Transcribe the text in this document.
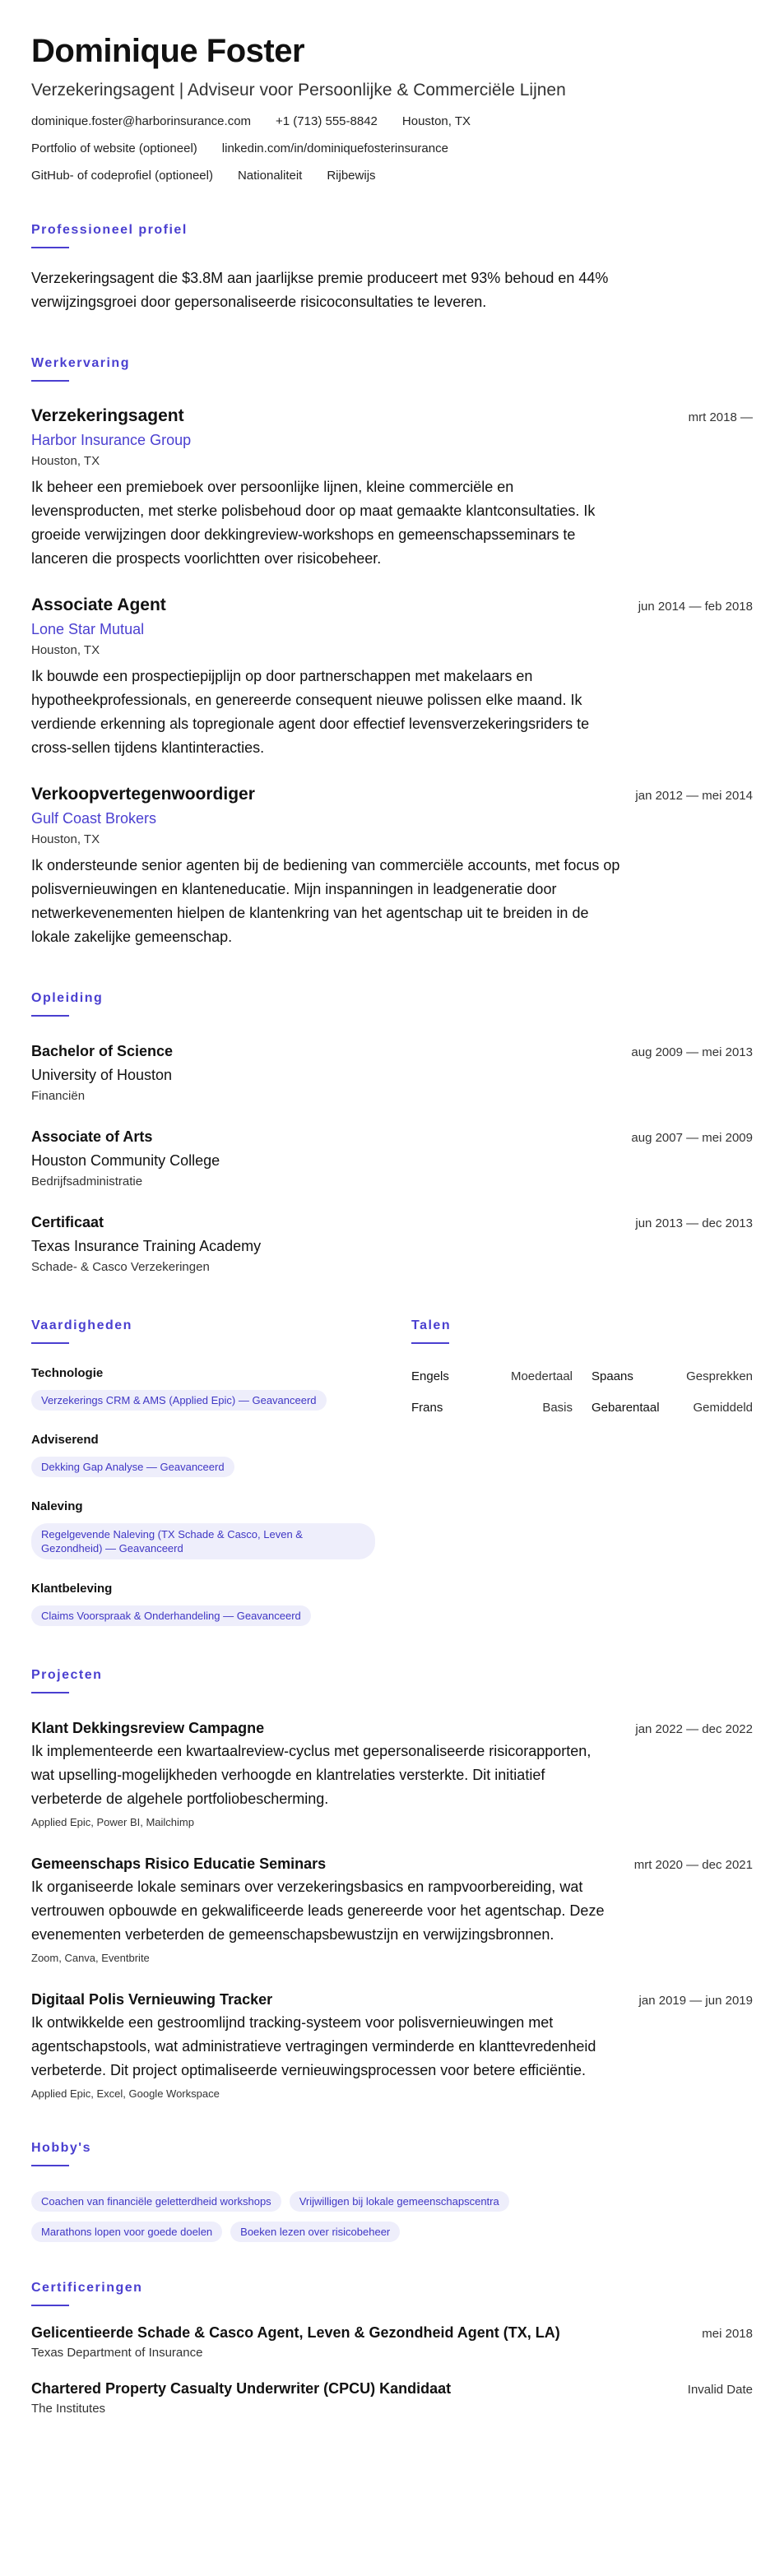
Dominique Foster
Verzekeringsagent | Adviseur voor Persoonlijke & Commerciële Lijnen
dominique.foster@harborinsurance.com +1 (713) 555-8842 Houston, TX
Portfolio of website (optioneel) linkedin.com/in/dominiquefosterinsurance
GitHub- of codeprofiel (optioneel) Nationaliteit Rijbewijs
Professioneel profiel

Verzekeringsagent die $3.8M aan jaarlijkse premie produceert met 93% behoud en 44% verwijzingsgroei door gepersonaliseerde risicoconsultaties te leveren.

Werkervaring
Verzekeringsagent	mrt 2018 —
Harbor Insurance Group
Houston, TX

Ik beheer een premieboek over persoonlijke lijnen, kleine commerciële en levensproducten, met sterke polisbehoud door op maat gemaakte klantconsultaties. Ik groeide verwijzingen door dekkingreview-workshops en gemeenschapsseminars te lanceren die prospects voorlichtten over risicobeheer.

Associate Agent	jun 2014 — feb 2018
Lone Star Mutual
Houston, TX

Ik bouwde een prospectiepijplijn op door partnerschappen met makelaars en hypotheekprofessionals, en genereerde consequent nieuwe polissen elke maand. Ik verdiende erkenning als topregionale agent door effectief levensverzekeringsriders te cross-sellen tijdens klantinteracties.

Verkoopvertegenwoordiger	jan 2012 — mei 2014
Gulf Coast Brokers
Houston, TX

Ik ondersteunde senior agenten bij de bediening van commerciële accounts, met focus op polisvernieuwingen en klanteneducatie. Mijn inspanningen in leadgeneratie door netwerkevenementen hielpen de klantenkring van het agentschap uit te breiden in de lokale zakelijke gemeenschap.

Opleiding
Bachelor of Science	aug 2009 — mei 2013
University of Houston
Financiën
Associate of Arts	aug 2007 — mei 2009
Houston Community College
Bedrijfsadministratie
Certificaat	jun 2013 — dec 2013
Texas Insurance Training Academy
Schade- & Casco Verzekeringen
Vaardigheden
Technologie
Verzekerings CRM & AMS (Applied Epic) — Geavanceerd
Adviserend
Dekking Gap Analyse — Geavanceerd
Naleving
Regelgevende Naleving (TX Schade & Casco, Leven & Gezondheid) — Geavanceerd
Klantbeleving
Claims Voorspraak & Onderhandeling — Geavanceerd
Talen
Engels	Moedertaal Spaans	Gesprekken
Frans	Basis Gebarentaal	Gemiddeld
Projecten
Klant Dekkingsreview Campagne	jan 2022 — dec 2022

Ik implementeerde een kwartaalreview-cyclus met gepersonaliseerde risicorapporten, wat upselling-mogelijkheden verhoogde en klantrelaties versterkte. Dit initiatief verbeterde de algehele portfoliobescherming.

Applied Epic, Power BI, Mailchimp
Gemeenschaps Risico Educatie Seminars	mrt 2020 — dec 2021

Ik organiseerde lokale seminars over verzekeringsbasics en rampvoorbereiding, wat vertrouwen opbouwde en gekwalificeerde leads genereerde voor het agentschap. Deze evenementen verbeterden de gemeenschapsbewustzijn en verwijzingsbronnen.

Zoom, Canva, Eventbrite
Digitaal Polis Vernieuwing Tracker	jan 2019 — jun 2019

Ik ontwikkelde een gestroomlijnd tracking-systeem voor polisvernieuwingen met agentschapstools, wat administratieve vertragingen verminderde en klanttevredenheid verbeterde. Dit project optimaliseerde vernieuwingsprocessen voor betere efficiëntie.

Applied Epic, Excel, Google Workspace
Hobby's
Coachen van financiële geletterdheid workshops	Vrijwilligen bij lokale gemeenschapscentra
Marathons lopen voor goede doelen	Boeken lezen over risicobeheer
Certificeringen
Gelicentieerde Schade & Casco Agent, Leven & Gezondheid Agent (TX, LA)	mei 2018
Texas Department of Insurance
Chartered Property Casualty Underwriter (CPCU) Kandidaat	Invalid Date
The Institutes
